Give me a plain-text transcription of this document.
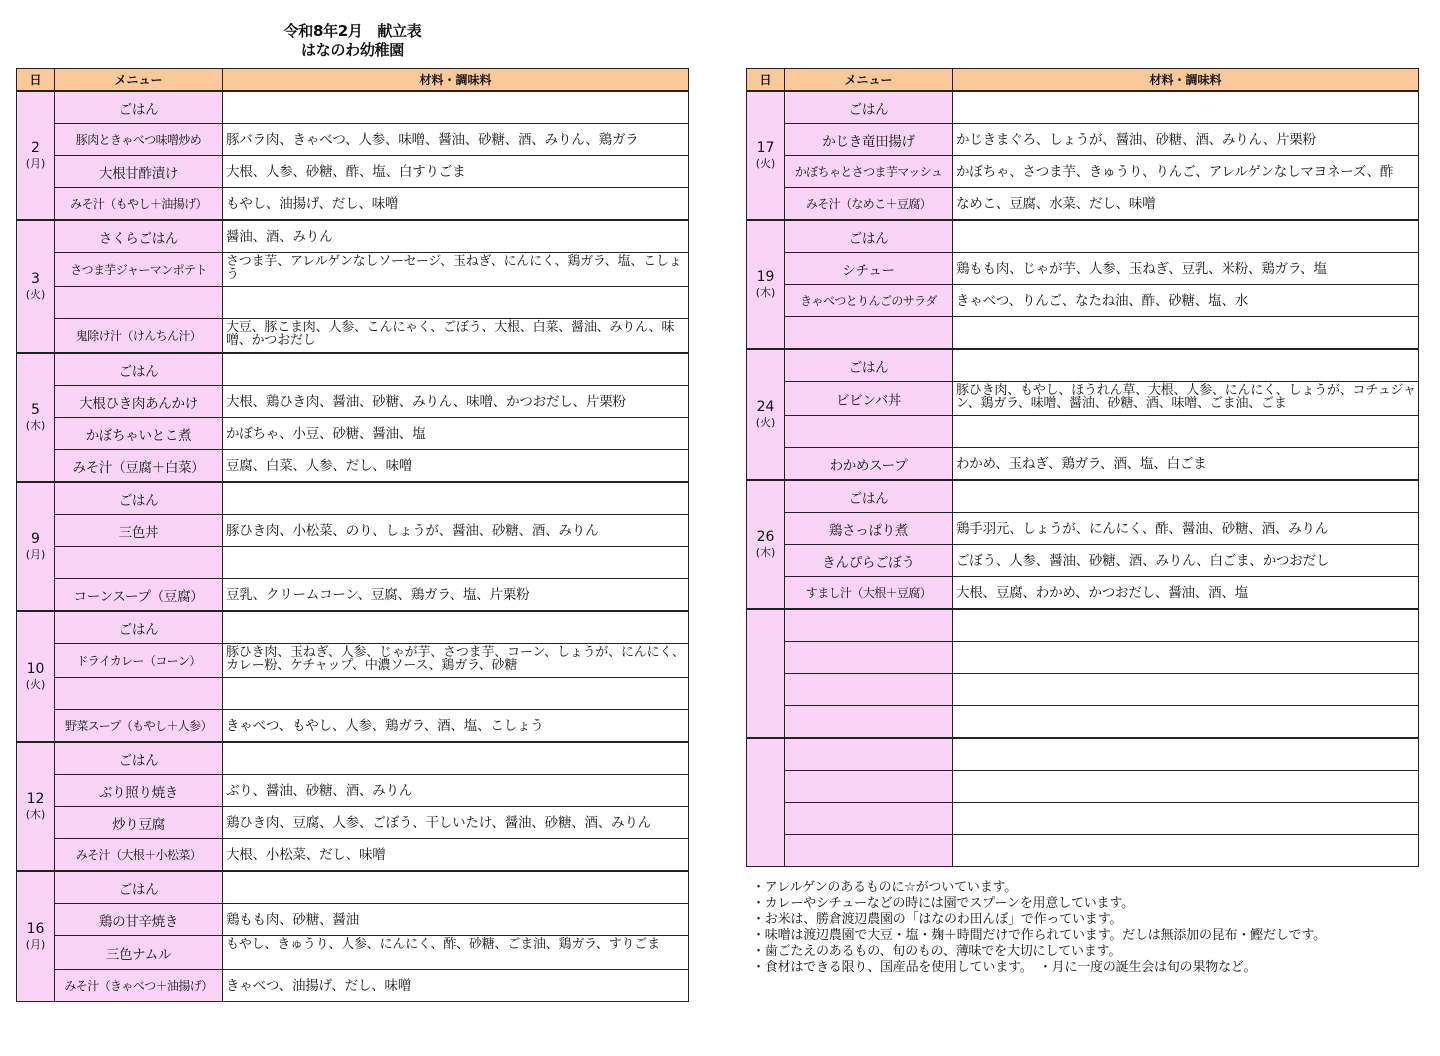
令和8年2月　献立表
はなのわ幼稚園
日	メニュー	材料・調味料

2
(月)	ごはん	
	豚肉ときゃべつ味噌炒め	豚バラ肉、きゃべつ、人参、味噌、醤油、砂糖、酒、みりん、鶏ガラ
	大根甘酢漬け	大根、人参、砂糖、酢、塩、白すりごま
	みそ汁（もやし＋油揚げ）	もやし、油揚げ、だし、味噌

3
(火)	さくらごはん	醤油、酒、みりん
	さつま芋ジャーマンポテト	さつま芋、アレルゲンなしソーセージ、玉ねぎ、にんにく、鶏ガラ、塩、こしょう

	鬼除け汁（けんちん汁）	大豆、豚こま肉、人参、こんにゃく、ごぼう、大根、白菜、醤油、みりん、味噌、かつおだし

5
(木)	ごはん	
	大根ひき肉あんかけ	大根、鶏ひき肉、醤油、砂糖、みりん、味噌、かつおだし、片栗粉
	かぼちゃいとこ煮	かぼちゃ、小豆、砂糖、醤油、塩
	みそ汁（豆腐＋白菜）	豆腐、白菜、人参、だし、味噌

9
(月)	ごはん	
	三色丼	豚ひき肉、小松菜、のり、しょうが、醤油、砂糖、酒、みりん

	コーンスープ（豆腐）	豆乳、クリームコーン、豆腐、鶏ガラ、塩、片栗粉

10
(火)	ごはん	
	ドライカレー（コーン）	豚ひき肉、玉ねぎ、人参、じゃが芋、さつま芋、コーン、しょうが、にんにく、カレー粉、ケチャップ、中濃ソース、鶏ガラ、砂糖

	野菜スープ（もやし＋人参）	きゃべつ、もやし、人参、鶏ガラ、酒、塩、こしょう

12
(木)	ごはん	
	ぶり照り焼き	ぶり、醤油、砂糖、酒、みりん
	炒り豆腐	鶏ひき肉、豆腐、人参、ごぼう、干しいたけ、醤油、砂糖、酒、みりん
	みそ汁（大根＋小松菜）	大根、小松菜、だし、味噌

16
(月)	ごはん	
	鶏の甘辛焼き	鶏もも肉、砂糖、醤油
	三色ナムル	もやし、きゅうり、人参、にんにく、酢、砂糖、ごま油、鶏ガラ、すりごま
	みそ汁（きゃべつ＋油揚げ）	きゃべつ、油揚げ、だし、味噌
日	メニュー	材料・調味料

17
(火)	ごはん	
	かじき竜田揚げ	かじきまぐろ、しょうが、醤油、砂糖、酒、みりん、片栗粉
	かぼちゃとさつま芋マッシュ	かぼちゃ、さつま芋、きゅうり、りんご、アレルゲンなしマヨネーズ、酢
	みそ汁（なめこ＋豆腐）	なめこ、豆腐、水菜、だし、味噌

19
(木)	ごはん	
	シチュー	鶏もも肉、じゃが芋、人参、玉ねぎ、豆乳、米粉、鶏ガラ、塩
	きゃべつとりんごのサラダ	きゃべつ、りんご、なたね油、酢、砂糖、塩、水

24
(火)	ごはん	
	ビビンバ丼	豚ひき肉、もやし、ほうれん草、大根、人参、にんにく、しょうが、コチュジャン、鶏ガラ、味噌、醤油、砂糖、酒、味噌、ごま油、ごま

	わかめスープ	わかめ、玉ねぎ、鶏ガラ、酒、塩、白ごま

26
(木)	ごはん	
	鶏さっぱり煮	鶏手羽元、しょうが、にんにく、酢、醤油、砂糖、酒、みりん
	きんぴらごぼう	ごぼう、人参、醤油、砂糖、酒、みりん、白ごま、かつおだし
	すまし汁（大根＋豆腐）	大根、豆腐、わかめ、かつおだし、醤油、酒、塩

・アレルゲンのあるものに☆がついています。
・カレーやシチューなどの時には園でスプーンを用意しています。
・お米は、勝倉渡辺農園の「はなのわ田んぼ」で作っています。
・味噌は渡辺農園で大豆・塩・麹＋時間だけで作られています。だしは無添加の昆布・鰹だしです。
・歯ごたえのあるもの、旬のもの、薄味でを大切にしています。
・食材はできる限り、国産品を使用しています。　・月に一度の誕生会は旬の果物など。
